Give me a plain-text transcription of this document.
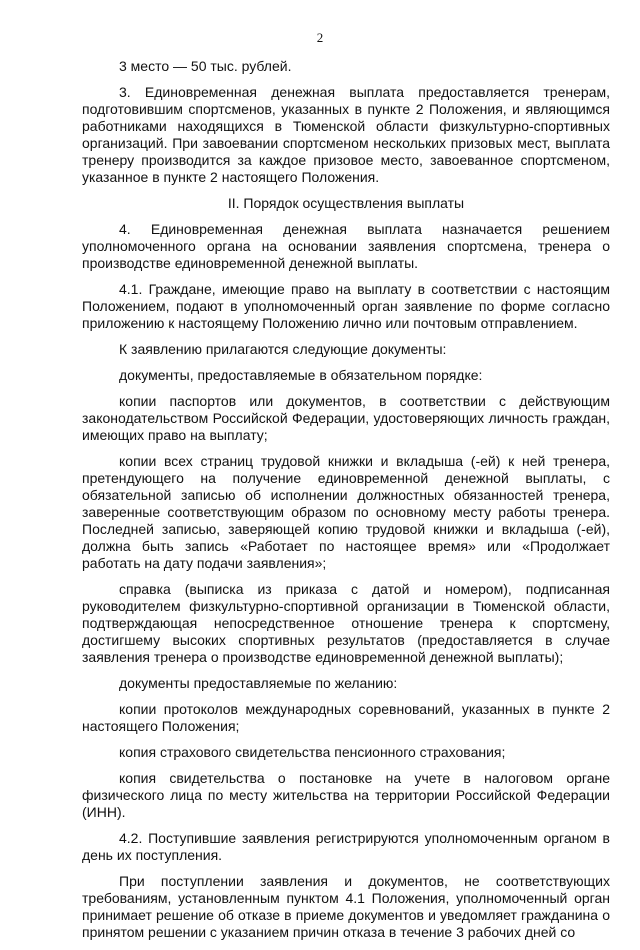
2

3 место — 50 тыс. рублей.

3. Единовременная денежная выплата предоставляется тренерам, подготовившим спортсменов, указанных в пункте 2 Положения, и являющимся работниками находящихся в Тюменской области физкультурно-спортивных организаций. При завоевании спортсменом нескольких призовых мест, выплата тренеру производится за каждое призовое место, завоеванное спортсменом, указанное в пункте 2 настоящего Положения.

II. Порядок осуществления выплаты

4. Единовременная денежная выплата назначается решением уполномоченного органа на основании заявления спортсмена, тренера о производстве единовременной денежной выплаты.

4.1. Граждане, имеющие право на выплату в соответствии с настоящим Положением, подают в уполномоченный орган заявление по форме согласно приложению к настоящему Положению лично или почтовым отправлением.

К заявлению прилагаются следующие документы:

документы, предоставляемые в обязательном порядке:

копии паспортов или документов, в соответствии с действующим законодательством Российской Федерации, удостоверяющих личность граждан, имеющих право на выплату;

копии всех страниц трудовой книжки и вкладыша (-ей) к ней тренера, претендующего на получение единовременной денежной выплаты, с обязательной записью об исполнении должностных обязанностей тренера, заверенные соответствующим образом по основному месту работы тренера. Последней записью, заверяющей копию трудовой книжки и вкладыша (-ей), должна быть запись «Работает по настоящее время» или «Продолжает работать на дату подачи заявления»;

справка (выписка из приказа с датой и номером), подписанная руководителем физкультурно-спортивной организации в Тюменской области, подтверждающая непосредственное отношение тренера к спортсмену, достигшему высоких спортивных результатов (предоставляется в случае заявления тренера о производстве единовременной денежной выплаты);

документы предоставляемые по желанию:

копии протоколов международных соревнований, указанных в пункте 2 настоящего Положения;

копия страхового свидетельства пенсионного страхования;

копия свидетельства о постановке на учете в налоговом органе физического лица по месту жительства на территории Российской Федерации (ИНН).

4.2. Поступившие заявления регистрируются уполномоченным органом в день их поступления.

При поступлении заявления и документов, не соответствующих требованиям, установленным пунктом 4.1 Положения, уполномоченный орган принимает решение об отказе в приеме документов и уведомляет гражданина о принятом решении с указанием причин отказа в течение 3 рабочих дней со
